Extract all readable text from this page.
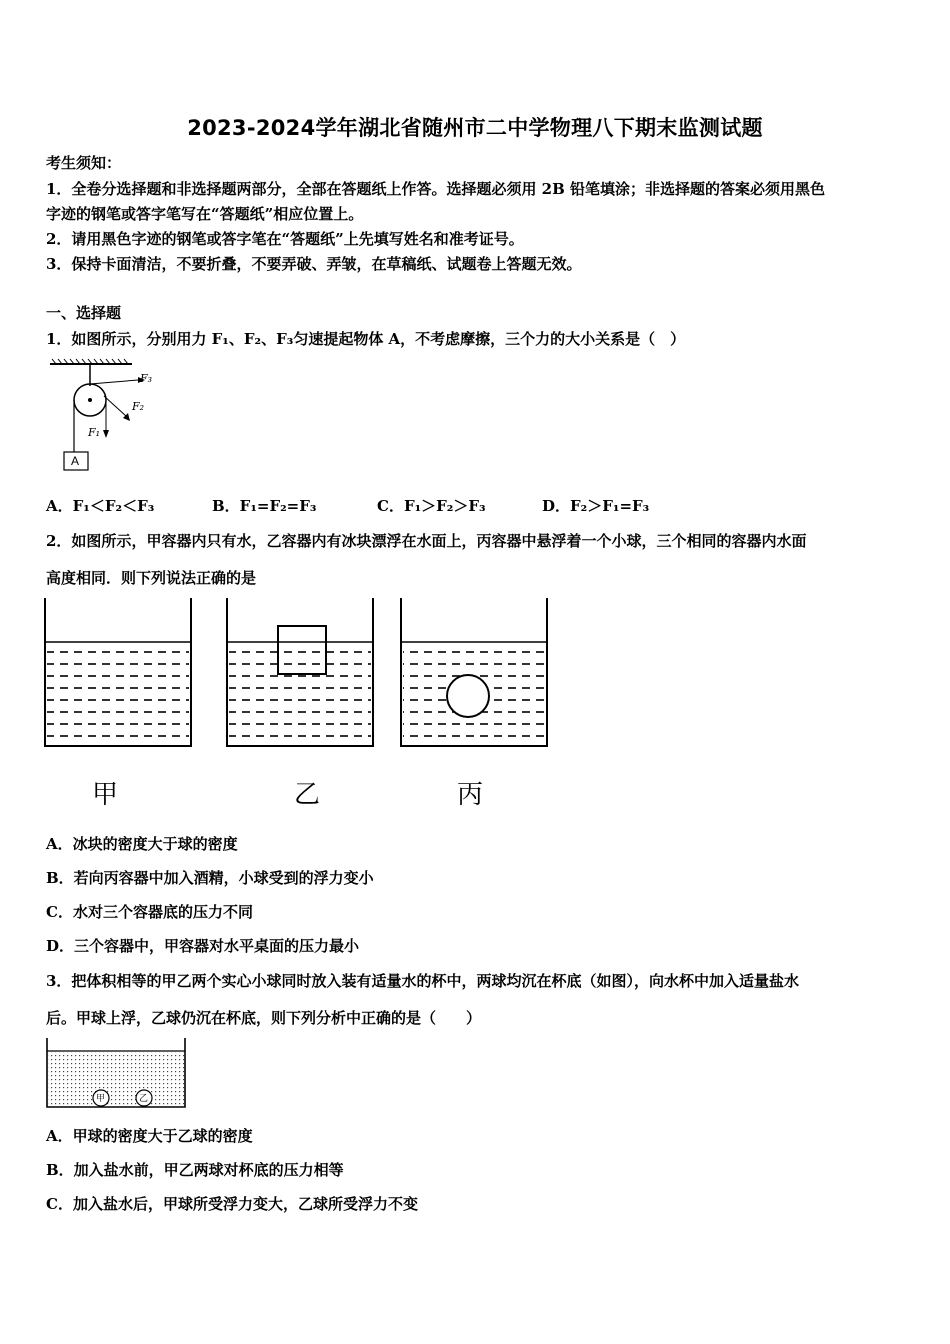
2023-2024学年湖北省随州市二中学物理八下期末监测试题
考生须知：
1．全卷分选择题和非选择题两部分，全部在答题纸上作答。选择题必须用 2B 铅笔填涂；非选择题的答案必须用黑色
字迹的钢笔或答字笔写在“答题纸”相应位置上。
2．请用黑色字迹的钢笔或答字笔在“答题纸”上先填写姓名和准考证号。
3．保持卡面清洁，不要折叠，不要弄破、弄皱，在草稿纸、试题卷上答题无效。
一、选择题
1．如图所示，分别用力 F₁、F₂、F₃匀速提起物体 A，不考虑摩擦，三个力的大小关系是（　）
F₃
F₂
F₁
A
A．F₁＜F₂＜F₃	B．F₁=F₂=F₃	C．F₁＞F₂＞F₃	D．F₂＞F₁=F₃
2．如图所示，甲容器内只有水，乙容器内有冰块漂浮在水面上，丙容器中悬浮着一个小球，三个相同的容器内水面
高度相同．则下列说法正确的是
甲	乙	丙
A．冰块的密度大于球的密度
B．若向丙容器中加入酒精，小球受到的浮力变小
C．水对三个容器底的压力不同
D．三个容器中，甲容器对水平桌面的压力最小
3．把体积相等的甲乙两个实心小球同时放入装有适量水的杯中，两球均沉在杯底（如图），向水杯中加入适量盐水
后。甲球上浮，乙球仍沉在杯底，则下列分析中正确的是（　　）
甲	乙
A．甲球的密度大于乙球的密度
B．加入盐水前，甲乙两球对杯底的压力相等
C．加入盐水后，甲球所受浮力变大，乙球所受浮力不变
